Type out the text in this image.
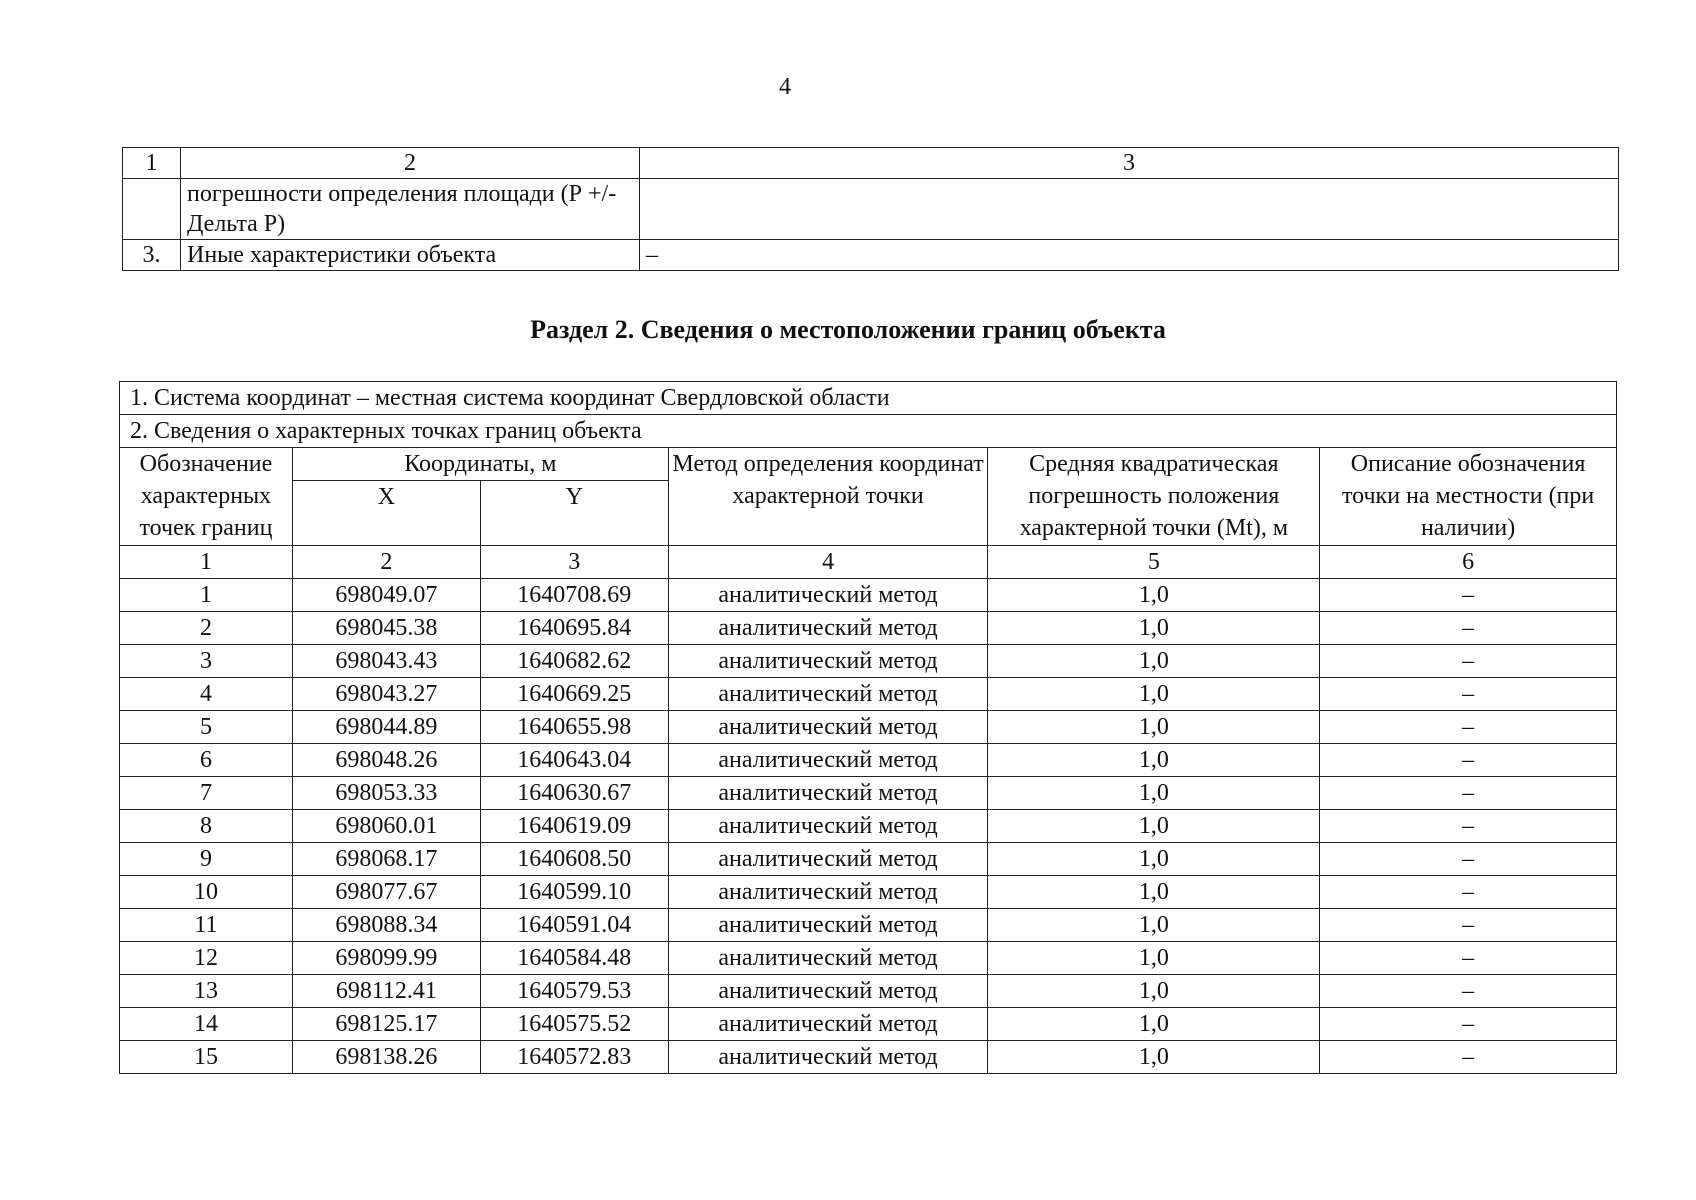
4
1	2	3
	погрешности определения площади (Р +/- Дельта Р)	
3.	Иные характеристики объекта	–
Раздел 2. Сведения о местоположении границ объекта
1. Система координат – местная система координат Свердловской области					
2. Сведения о характерных точках границ объекта					
Обозначение характерных точек границ	Координаты, м		Метод определения координат характерной точки	Средняя квадратическая погрешность положения характерной точки (Mt), м	Описание обозначения точки на местности (при наличии)
	X	Y			
1	2	3	4	5	6
1	698049.07	1640708.69	аналитический метод	1,0	–
2	698045.38	1640695.84	аналитический метод	1,0	–
3	698043.43	1640682.62	аналитический метод	1,0	–
4	698043.27	1640669.25	аналитический метод	1,0	–
5	698044.89	1640655.98	аналитический метод	1,0	–
6	698048.26	1640643.04	аналитический метод	1,0	–
7	698053.33	1640630.67	аналитический метод	1,0	–
8	698060.01	1640619.09	аналитический метод	1,0	–
9	698068.17	1640608.50	аналитический метод	1,0	–
10	698077.67	1640599.10	аналитический метод	1,0	–
11	698088.34	1640591.04	аналитический метод	1,0	–
12	698099.99	1640584.48	аналитический метод	1,0	–
13	698112.41	1640579.53	аналитический метод	1,0	–
14	698125.17	1640575.52	аналитический метод	1,0	–
15	698138.26	1640572.83	аналитический метод	1,0	–
